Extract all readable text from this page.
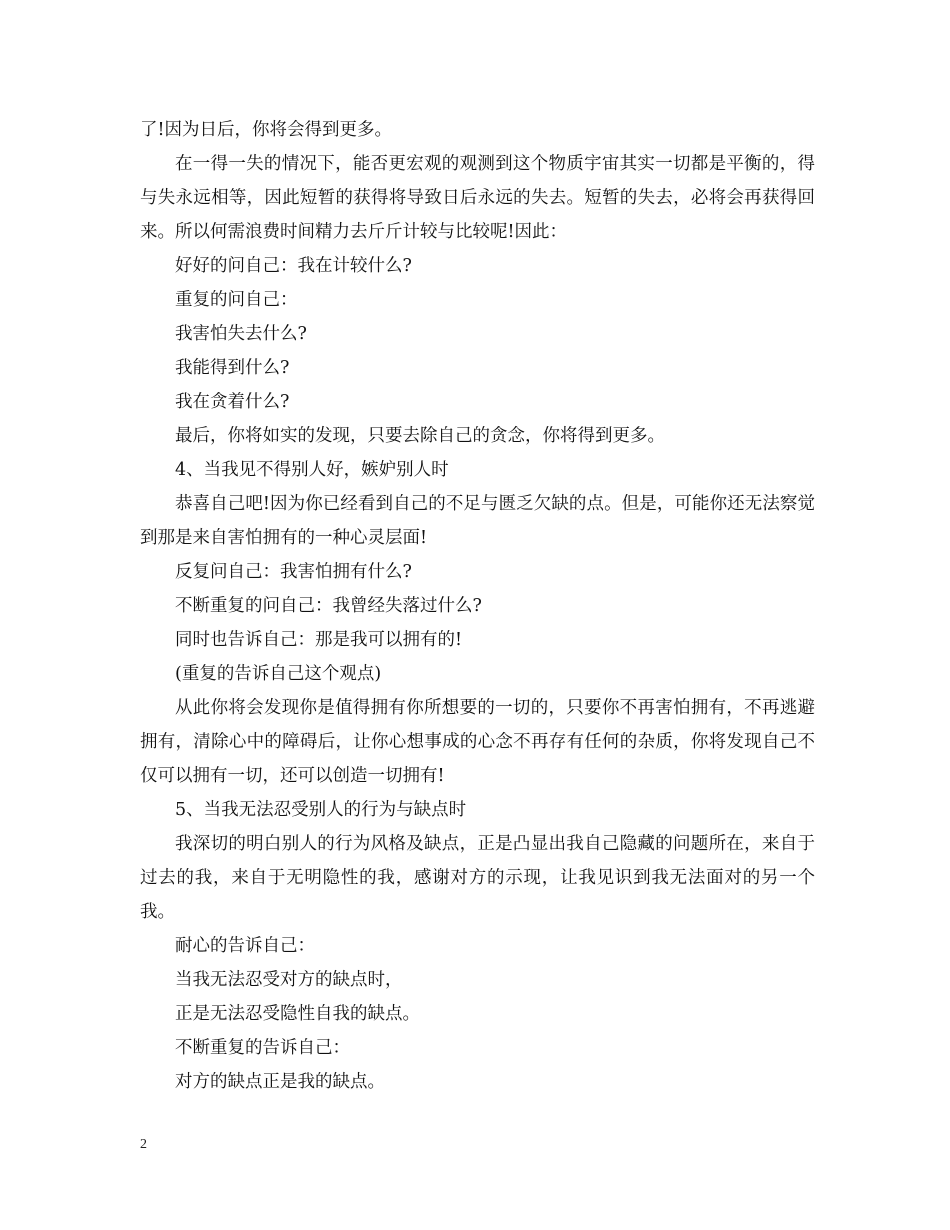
了!因为日后，你将会得到更多。

在一得一失的情况下，能否更宏观的观测到这个物质宇宙其实一切都是平衡的，得与失永远相等，因此短暂的获得将导致日后永远的失去。短暂的失去，必将会再获得回来。所以何需浪费时间精力去斤斤计较与比较呢!因此：

好好的问自己：我在计较什么?

重复的问自己：

我害怕失去什么?

我能得到什么?

我在贪着什么?

最后，你将如实的发现，只要去除自己的贪念，你将得到更多。

4、当我见不得别人好，嫉妒别人时

恭喜自己吧!因为你已经看到自己的不足与匮乏欠缺的点。但是，可能你还无法察觉到那是来自害怕拥有的一种心灵层面!

反复问自己：我害怕拥有什么?

不断重复的问自己：我曾经失落过什么?

同时也告诉自己：那是我可以拥有的!

(重复的告诉自己这个观点)

从此你将会发现你是值得拥有你所想要的一切的，只要你不再害怕拥有，不再逃避拥有，清除心中的障碍后，让你心想事成的心念不再存有任何的杂质，你将发现自己不仅可以拥有一切，还可以创造一切拥有!

5、当我无法忍受别人的行为与缺点时

我深切的明白别人的行为风格及缺点，正是凸显出我自己隐藏的问题所在，来自于过去的我，来自于无明隐性的我，感谢对方的示现，让我见识到我无法面对的另一个我。

耐心的告诉自己：

当我无法忍受对方的缺点时，

正是无法忍受隐性自我的缺点。

不断重复的告诉自己：

对方的缺点正是我的缺点。

2
